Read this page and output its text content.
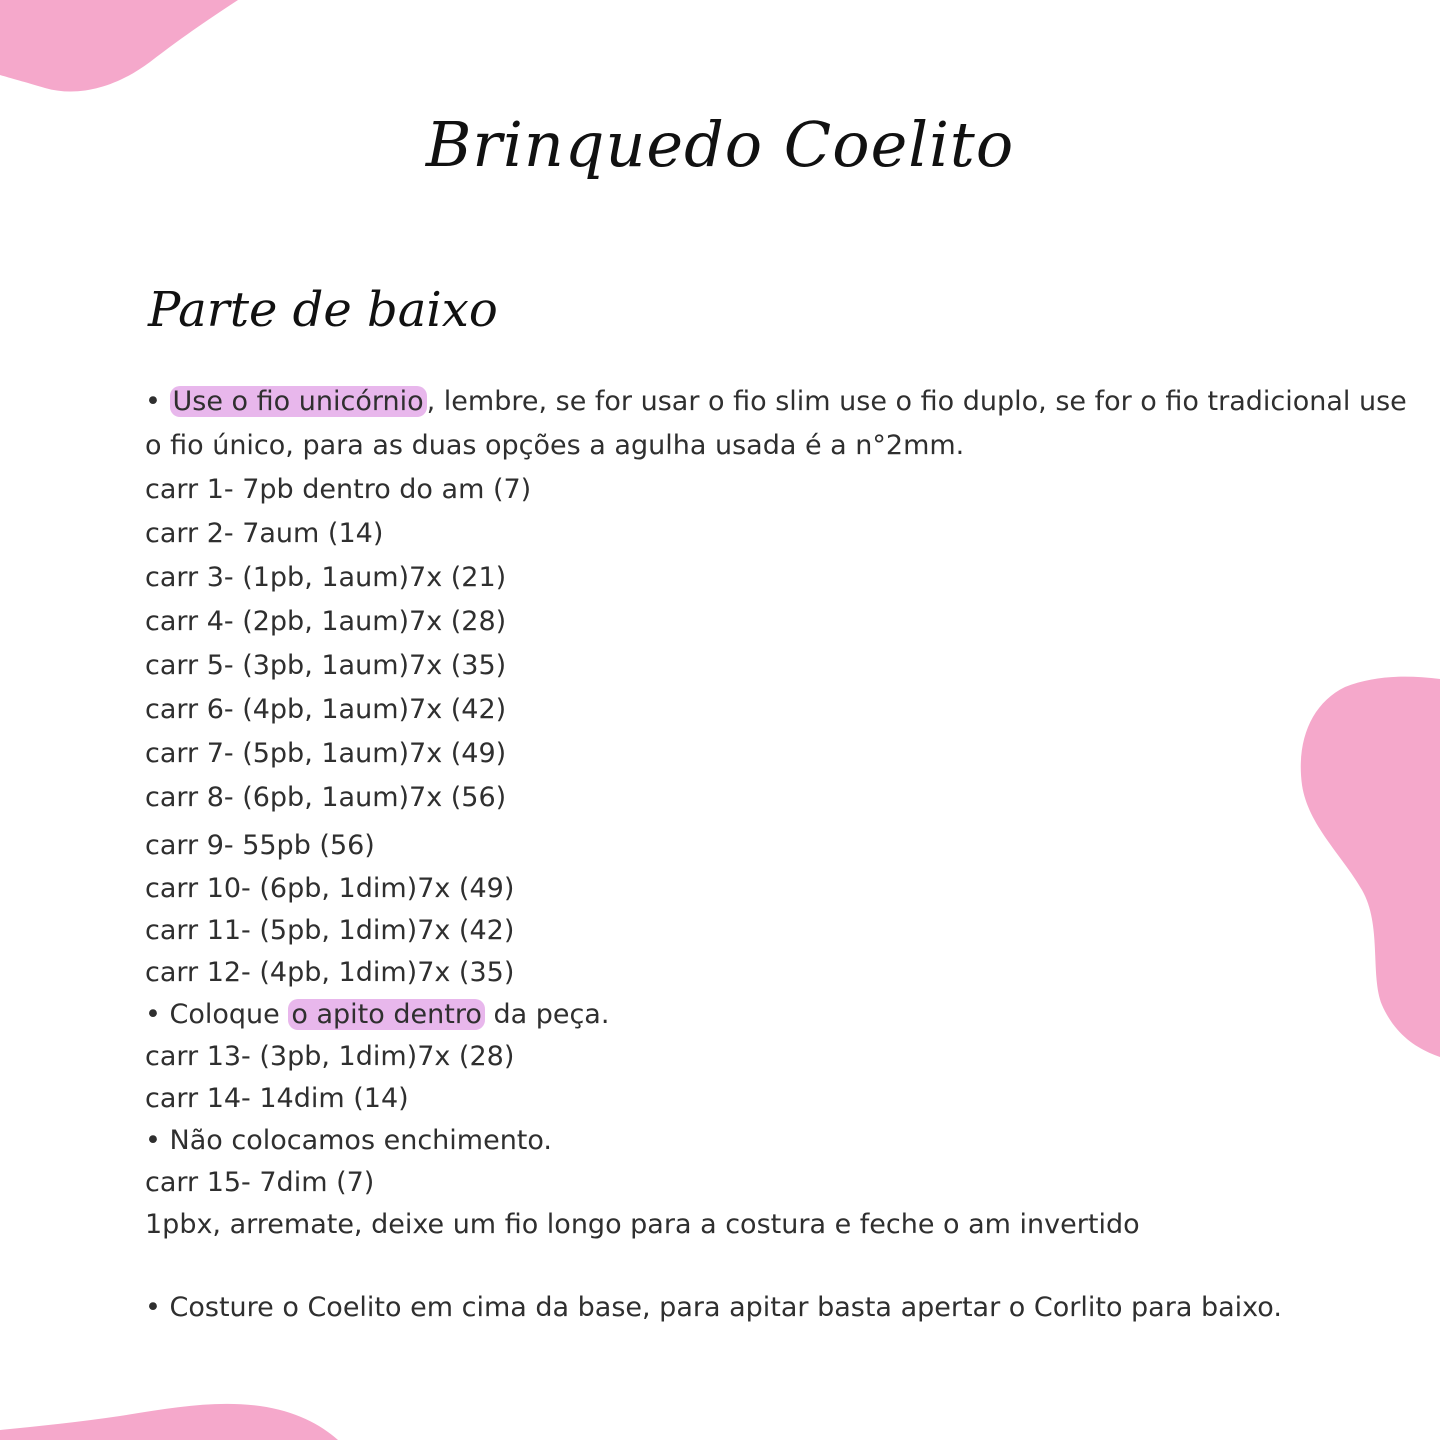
Brinquedo Coelito
Parte de baixo

• Use o fio unicórnio , lembre, se for usar o fio slim use o fio duplo, se for o fio tradicional use o fio único, para as duas opções a agulha usada é a n°2mm.

carr 1- 7pb dentro do am (7)

carr 2- 7aum (14)

carr 3- (1pb, 1aum)7x (21)

carr 4- (2pb, 1aum)7x (28)

carr 5- (3pb, 1aum)7x (35)

carr 6- (4pb, 1aum)7x (42)

carr 7- (5pb, 1aum)7x (49)

carr 8- (6pb, 1aum)7x (56)

carr 9- 55pb (56)

carr 10- (6pb, 1dim)7x (49)

carr 11- (5pb, 1dim)7x (42)

carr 12- (4pb, 1dim)7x (35)

• Coloque o apito dentro da peça.

carr 13- (3pb, 1dim)7x (28)

carr 14- 14dim (14)

• Não colocamos enchimento.

carr 15- 7dim (7)

1pbx, arremate, deixe um fio longo para a costura e feche o am invertido

• Costure o Coelito em cima da base, para apitar basta apertar o Corlito para baixo.
